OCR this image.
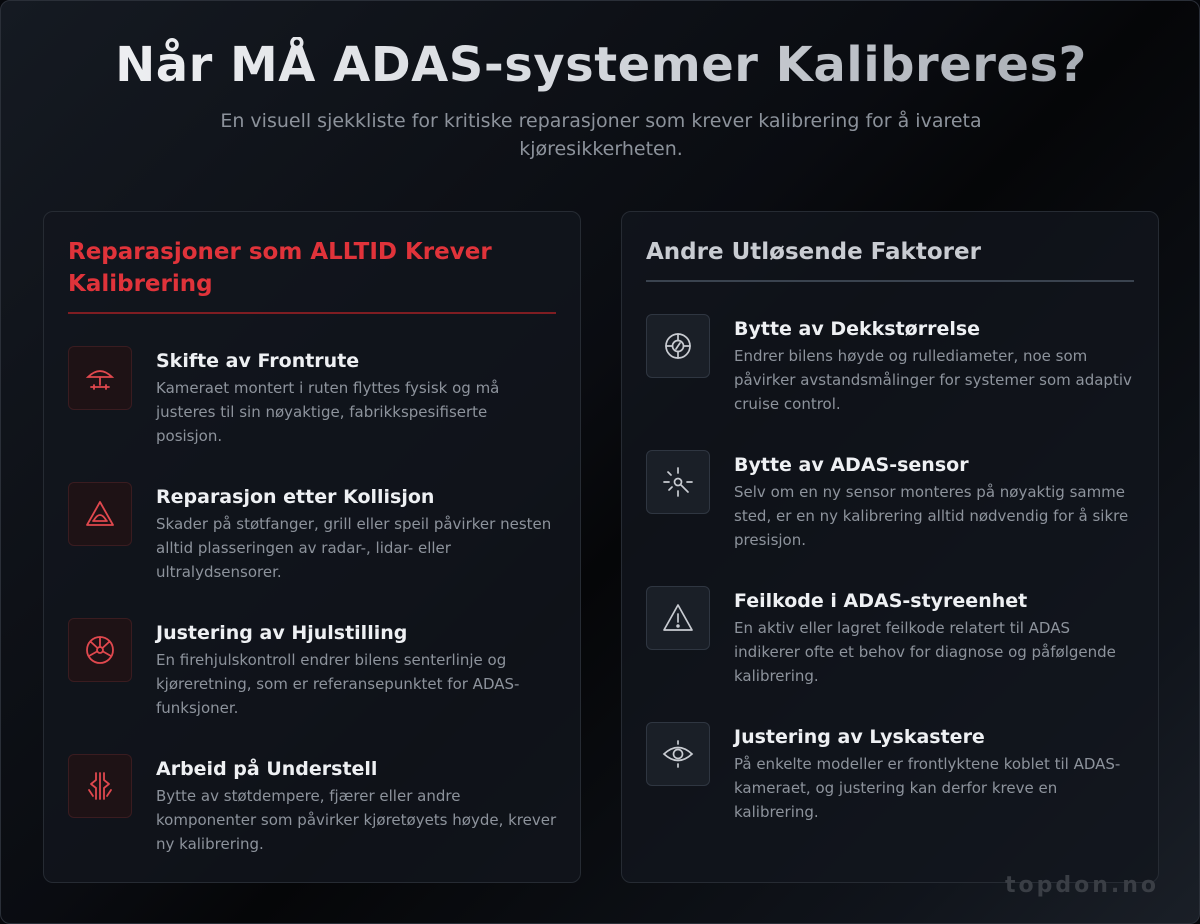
Når MÅ ADAS-systemer Kalibreres?

En visuell sjekkliste for kritiske reparasjoner som krever kalibrering for å ivareta kjøresikkerheten.

Reparasjoner som ALLTID Krever Kalibrering
Skifte av Frontrute
Kameraet montert i ruten flyttes fysisk og må justeres til sin nøyaktige, fabrikkspesifiserte posisjon.
Reparasjon etter Kollisjon
Skader på støtfanger, grill eller speil påvirker nesten alltid plasseringen av radar-, lidar- eller ultralydsensorer.
Justering av Hjulstilling
En firehjulskontroll endrer bilens senterlinje og kjøreretning, som er referansepunktet for ADAS-funksjoner.
Arbeid på Understell
Bytte av støtdempere, fjærer eller andre komponenter som påvirker kjøretøyets høyde, krever ny kalibrering.
Andre Utløsende Faktorer
Bytte av Dekkstørrelse
Endrer bilens høyde og rullediameter, noe som påvirker avstandsmålinger for systemer som adaptiv cruise control.
Bytte av ADAS-sensor
Selv om en ny sensor monteres på nøyaktig samme sted, er en ny kalibrering alltid nødvendig for å sikre presisjon.
Feilkode i ADAS-styreenhet
En aktiv eller lagret feilkode relatert til ADAS indikerer ofte et behov for diagnose og påfølgende kalibrering.
Justering av Lyskastere
På enkelte modeller er frontlyktene koblet til ADAS-kameraet, og justering kan derfor kreve en kalibrering.
topdon.no
